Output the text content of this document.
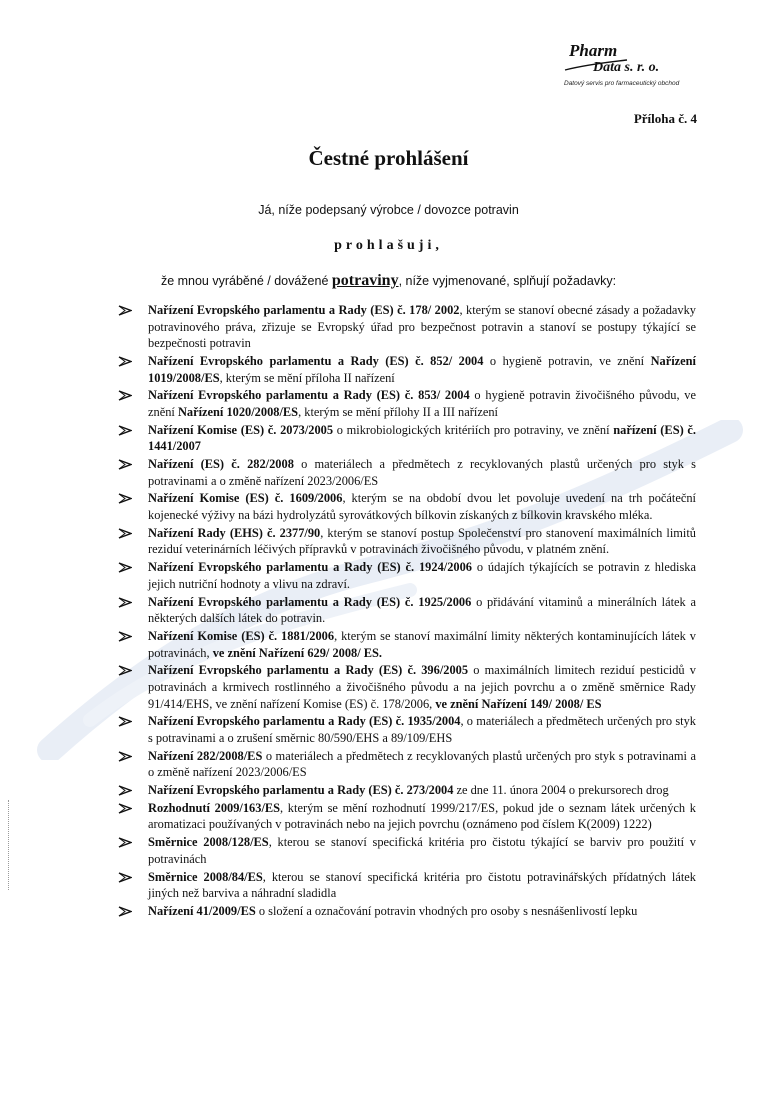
Pharm
Data s. r. o.
Datový servis pro farmaceutický obchod
Příloha č. 4
Čestné prohlášení
Já, níže podepsaný výrobce / dovozce potravin
prohlašuji,
že mnou vyráběné / dovážené potraviny, níže vyjmenované, splňují požadavky:
Nařízení Evropského parlamentu a Rady (ES) č. 178/ 2002, kterým se stanoví obecné zásady a požadavky potravinového práva, zřizuje se Evropský úřad pro bezpečnost potravin a stanoví se postupy týkající se bezpečnosti potravin
Nařízení Evropského parlamentu a Rady (ES) č. 852/ 2004 o hygieně potravin, ve znění Nařízení 1019/2008/ES, kterým se mění příloha II nařízení
Nařízení Evropského parlamentu a Rady (ES) č. 853/ 2004 o hygieně potravin živočišného původu, ve znění Nařízení 1020/2008/ES, kterým se mění přílohy II a III nařízení
Nařízení Komise (ES) č. 2073/2005 o mikrobiologických kritériích pro potraviny, ve znění nařízení (ES) č. 1441/2007
Nařízení (ES) č. 282/2008 o materiálech a předmětech z recyklovaných plastů určených pro styk s potravinami a o změně nařízení 2023/2006/ES
Nařízení Komise (ES) č. 1609/2006, kterým se na období dvou let povoluje uvedení na trh počáteční kojenecké výživy na bázi hydrolyzátů syrovátkových bílkovin získaných z bílkovin kravského mléka.
Nařízení Rady (EHS) č. 2377/90, kterým se stanoví postup Společenství pro stanovení maximálních limitů reziduí veterinárních léčivých přípravků v potravinách živočišného původu, v platném znění.
Nařízení Evropského parlamentu a Rady (ES) č. 1924/2006 o údajích týkajících se potravin z hlediska jejich nutriční hodnoty a vlivu na zdraví.
Nařízení Evropského parlamentu a Rady (ES) č. 1925/2006 o přidávání vitaminů a minerálních látek a některých dalších látek do potravin.
Nařízení Komise (ES) č. 1881/2006, kterým se stanoví maximální limity některých kontaminujících látek v potravinách, ve znění Nařízení 629/ 2008/ ES.
Nařízení Evropského parlamentu a Rady (ES) č. 396/2005 o maximálních limitech reziduí pesticidů v potravinách a krmivech rostlinného a živočišného původu a na jejich povrchu a o změně směrnice Rady 91/414/EHS, ve znění nařízení Komise (ES) č. 178/2006, ve znění Nařízení 149/ 2008/ ES
Nařízení Evropského parlamentu a Rady (ES) č. 1935/2004, o materiálech a předmětech určených pro styk s potravinami a o zrušení směrnic 80/590/EHS a 89/109/EHS
Nařízení 282/2008/ES o materiálech a předmětech z recyklovaných plastů určených pro styk s potravinami a o změně nařízení 2023/2006/ES
Nařízení Evropského parlamentu a Rady (ES) č. 273/2004 ze dne 11. února 2004 o prekursorech drog
Rozhodnutí 2009/163/ES, kterým se mění rozhodnutí 1999/217/ES, pokud jde o seznam látek určených k aromatizaci používaných v potravinách nebo na jejich povrchu (oznámeno pod číslem K(2009) 1222)
Směrnice 2008/128/ES, kterou se stanoví specifická kritéria pro čistotu týkající se barviv pro použití v potravinách
Směrnice 2008/84/ES, kterou se stanoví specifická kritéria pro čistotu potravinářských přídatných látek jiných než barviva a náhradní sladidla
Nařízení 41/2009/ES o složení a označování potravin vhodných pro osoby s nesnášenlivostí lepku
